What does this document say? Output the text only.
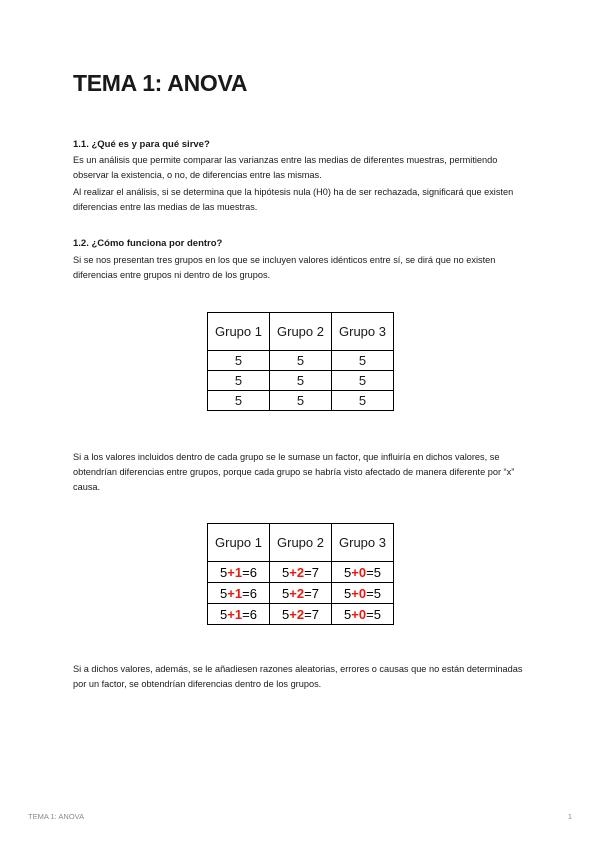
TEMA 1: ANOVA
1.1. ¿Qué es y para qué sirve?

Es un análisis que permite comparar las varianzas entre las medias de diferentes muestras, permitiendo observar la existencia, o no, de diferencias entre las mismas.

Al realizar el análisis, si se determina que la hipótesis nula (H0) ha de ser rechazada, significará que existen diferencias entre las medias de las muestras.

1.2. ¿Cómo funciona por dentro?

Si se nos presentan tres grupos en los que se incluyen valores idénticos entre sí, se dirá que no existen diferencias entre grupos ni dentro de los grupos.

Grupo 1	Grupo 2	Grupo 3
5	5	5
5	5	5
5	5	5

Si a los valores incluidos dentro de cada grupo se le sumase un factor, que influiría en dichos valores, se obtendrían diferencias entre grupos, porque cada grupo se habría visto afectado de manera diferente por “x” causa.

Grupo 1	Grupo 2	Grupo 3
5+1=6	5+2=7	5+0=5
5+1=6	5+2=7	5+0=5
5+1=6	5+2=7	5+0=5

Si a dichos valores, además, se le añadiesen razones aleatorias, errores o causas que no están determinadas por un factor, se obtendrían diferencias dentro de los grupos.

TEMA 1: ANOVA	1
